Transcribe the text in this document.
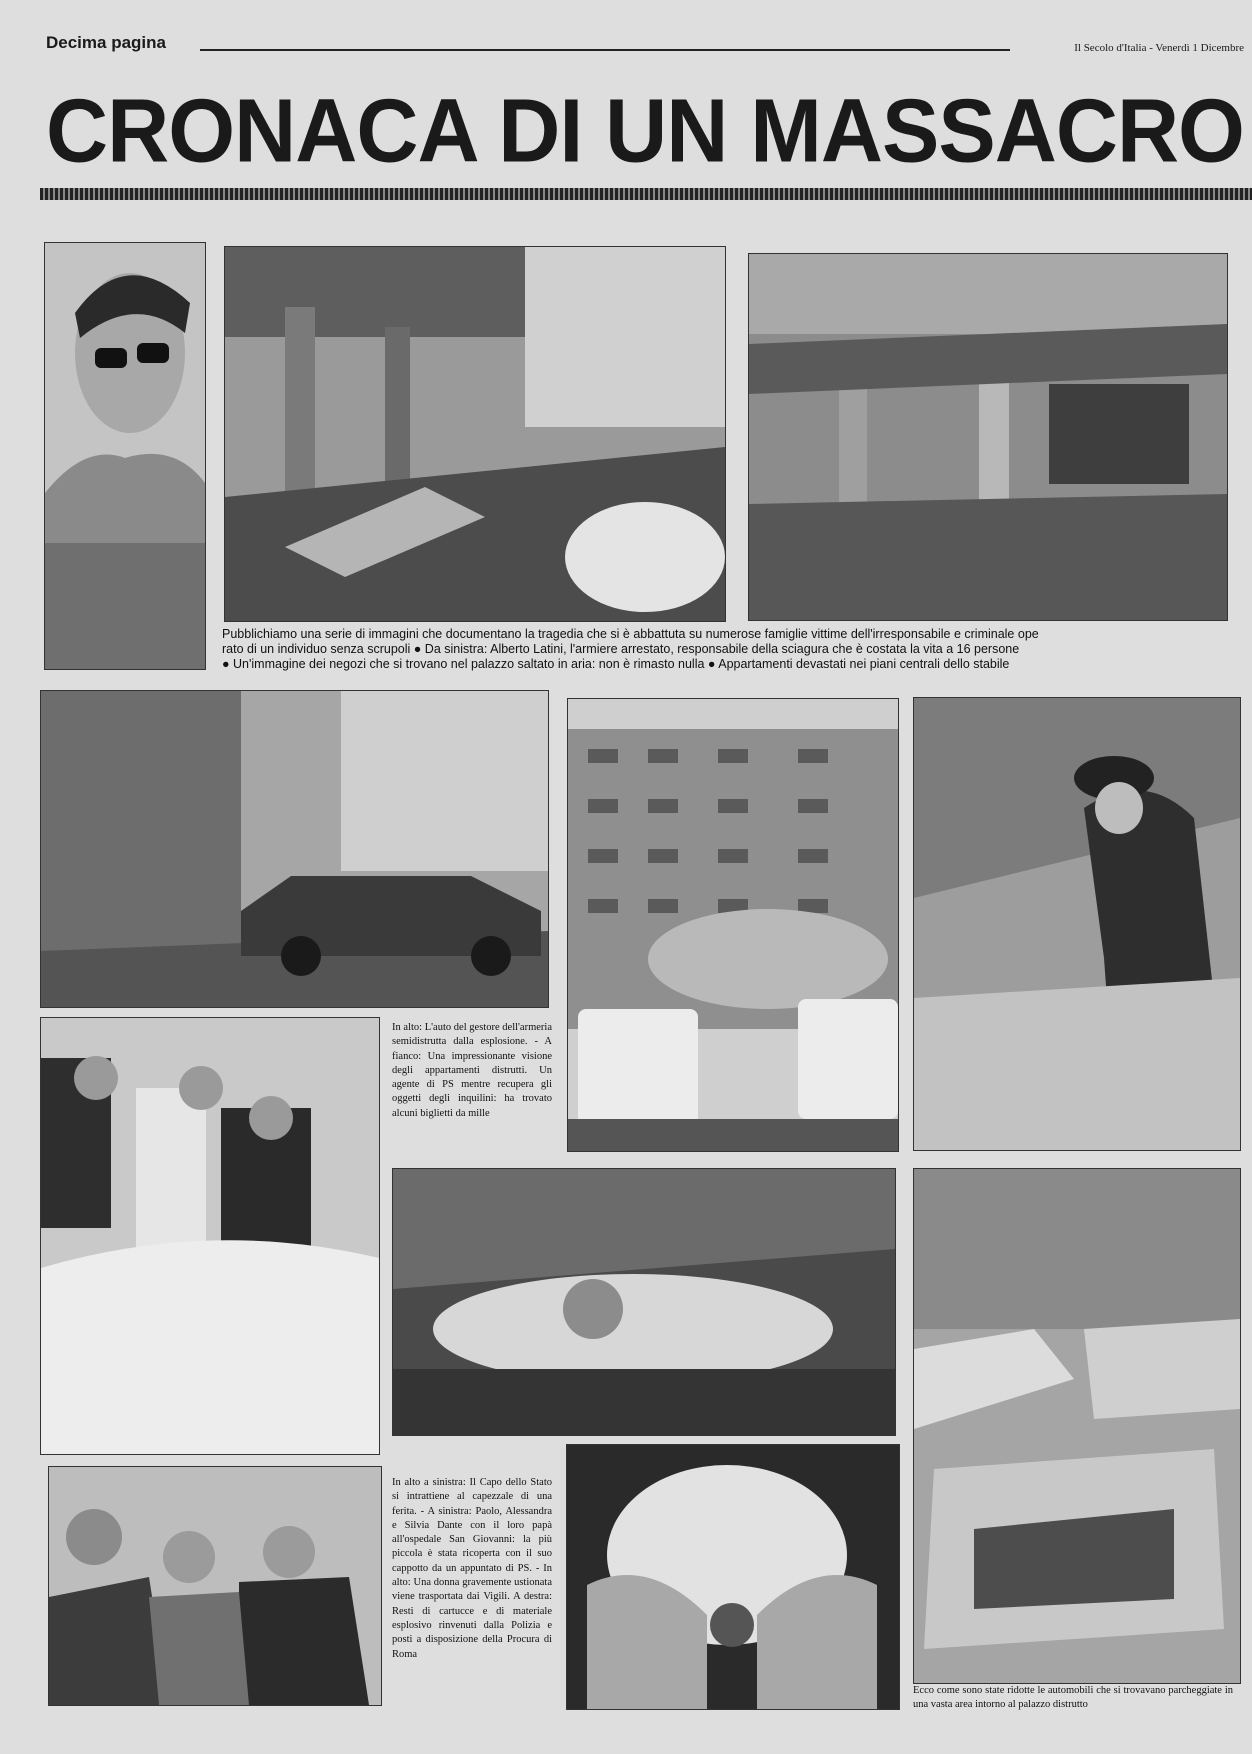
Decima pagina	Il Secolo d'Italia - Venerdì 1 Dicembre
CRONACA DI UN MASSACRO
Pubblichiamo una serie di immagini che documentano la tragedia che si è abbattuta su numerose famiglie vittime dell'irresponsabile e criminale ope
rato di un individuo senza scrupoli ● Da sinistra: Alberto Latini, l'armiere arrestato, responsabile della sciagura che è costata la vita a 16 persone
● Un'immagine dei negozi che si trovano nel palazzo saltato in aria: non è rimasto nulla ● Appartamenti devastati nei piani centrali dello stabile
In alto: L'auto del gestore dell'armeria semidistrutta dalla esplosione. - A fianco: Una impressionante visione degli appartamenti distrutti. Un agente di PS mentre recupera gli oggetti degli inquilini: ha trovato alcuni biglietti da mille
In alto a sinistra: Il Capo dello Stato si intrattiene al capezzale di una ferita. - A sinistra: Paolo, Alessandra e Silvia Dante con il loro papà all'ospedale San Giovanni: la più piccola è stata ricoperta con il suo cappotto da un appuntato di PS. - In alto: Una donna gravemente ustionata viene trasportata dai Vigili. A destra: Resti di cartucce e di materiale esplosivo rinvenuti dalla Polizia e posti a disposizione della Procura di Roma
Ecco come sono state ridotte le automobili che si trovavano parcheggiate in una vasta area intorno al palazzo distrutto
